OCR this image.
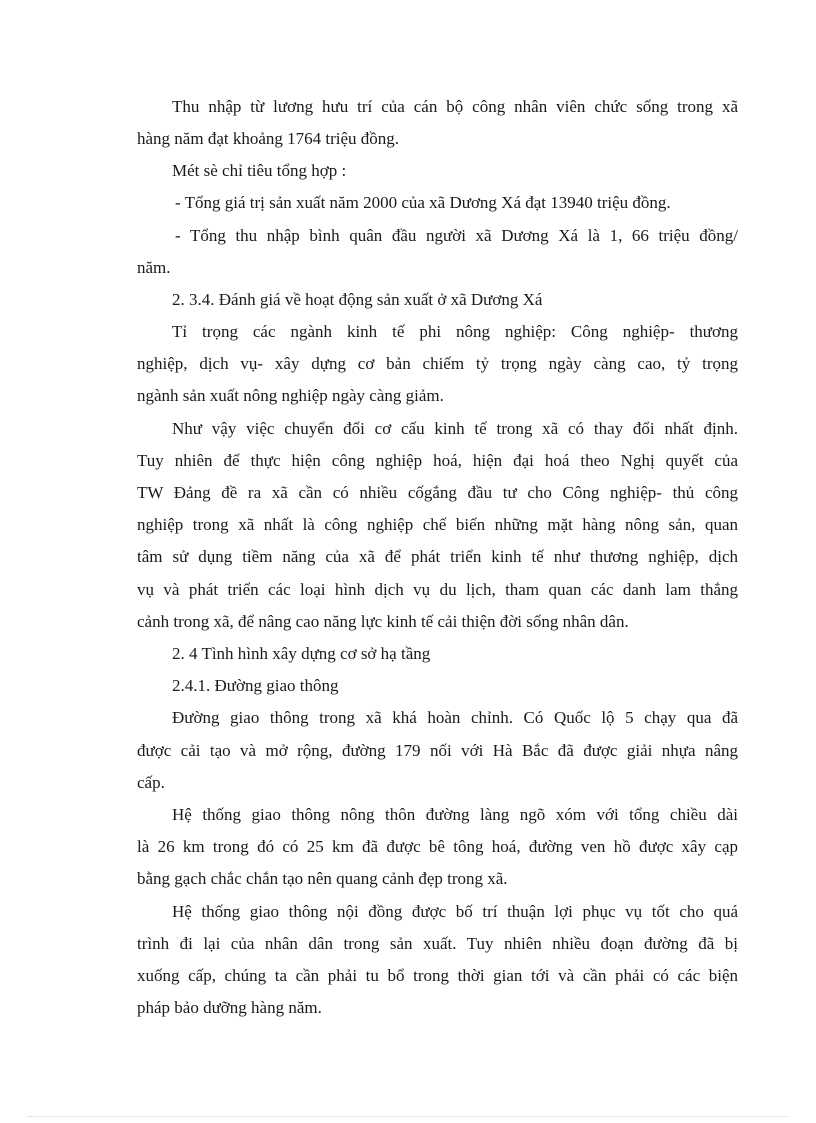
Thu nhập từ lương hưu trí của cán bộ công nhân viên chức sống trong xã
hàng năm đạt khoảng 1764 triệu đồng.
Mét sè chỉ tiêu tổng hợp :
- Tổng giá trị sản xuất năm 2000 của xã Dương Xá đạt 13940 triệu đồng.
- Tổng thu nhập bình quân đầu người xã Dương Xá là 1, 66 triệu đồng/
năm.
2. 3.4. Đánh giá về hoạt động sản xuất ở xã Dương Xá
Tỉ trọng các ngành kinh tế phi nông nghiệp: Công nghiệp- thương
nghiệp, dịch vụ- xây dựng cơ bản chiếm tỷ trọng ngày càng cao, tỷ trọng
ngành sản xuất nông nghiệp ngày càng giảm.
Như vậy việc chuyển đổi cơ cấu kinh tế trong xã có thay đổi nhất định.
Tuy nhiên để thực hiện công nghiệp hoá, hiện đại hoá theo Nghị quyết của
TW Đảng đề ra xã cần có nhiều cốgắng đầu tư cho Công nghiệp- thủ công
nghiệp trong xã nhất là công nghiệp chế biến những mặt hàng nông sản, quan
tâm sử dụng tiềm năng của xã để phát triển kinh tế như thương nghiệp, dịch
vụ và phát triển các loại hình dịch vụ du lịch, tham quan các danh lam thắng
cảnh trong xã, để nâng cao năng lực kinh tế cải thiện đời sống nhân dân.
2. 4 Tình hình xây dựng cơ sở hạ tầng
2.4.1. Đường giao thông
Đường giao thông trong xã khá hoàn chỉnh. Có Quốc lộ 5 chạy qua đã
được cải tạo và mở rộng, đường 179 nối với Hà Bắc đã được giải nhựa nâng
cấp.
Hệ thống giao thông nông thôn đường làng ngõ xóm với tổng chiều dài
là 26 km trong đó có 25 km đã được bê tông hoá, đường ven hồ được xây cạp
bằng gạch chắc chắn tạo nên quang cảnh đẹp trong xã.
Hệ thống giao thông nội đồng được bố trí thuận lợi phục vụ tốt cho quá
trình đi lại của nhân dân trong sản xuất. Tuy nhiên nhiều đoạn đường đã bị
xuống cấp, chúng ta cần phải tu bổ trong thời gian tới và cần phải có các biện
pháp bảo dưỡng hàng năm.
